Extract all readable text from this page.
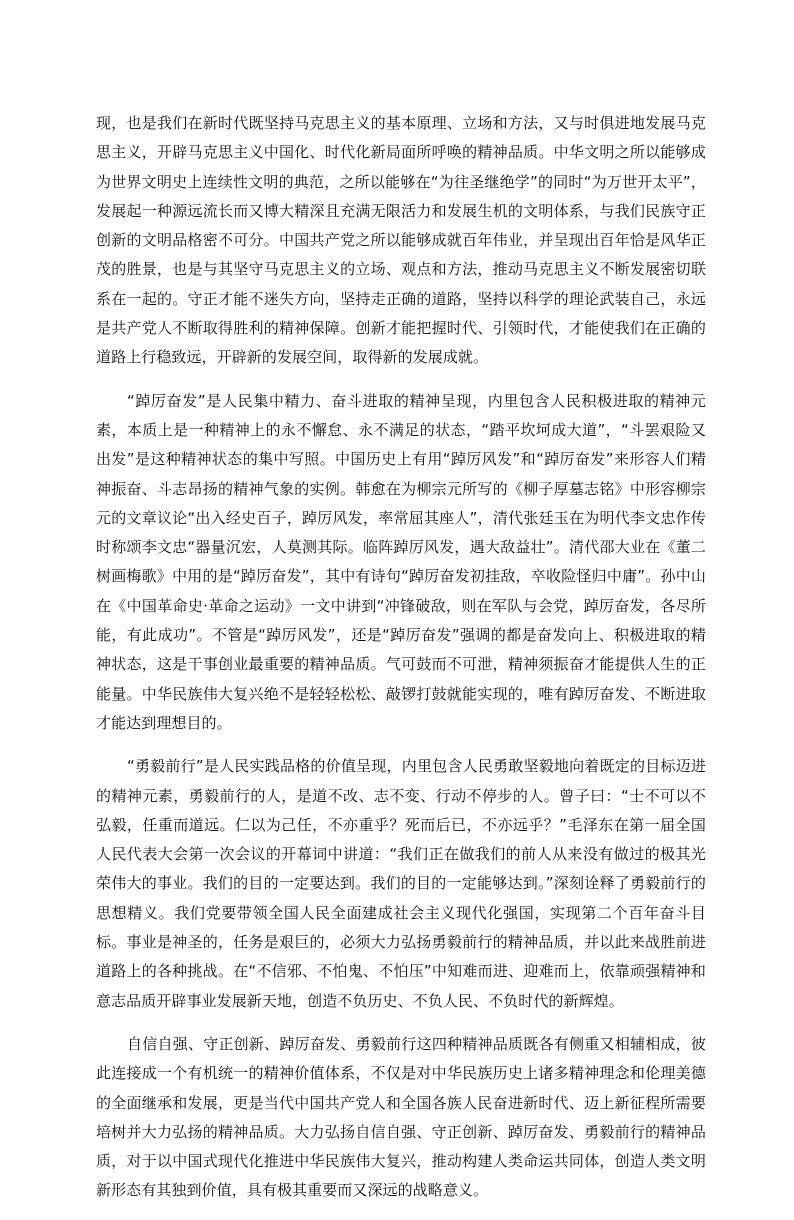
现，也是我们在新时代既坚持马克思主义的基本原理、立场和方法，又与时俱进地发展马克思主义，开辟马克思主义中国化、时代化新局面所呼唤的精神品质。中华文明之所以能够成为世界文明史上连续性文明的典范，之所以能够在“为往圣继绝学”的同时“为万世开太平”，发展起一种源远流长而又博大精深且充满无限活力和发展生机的文明体系，与我们民族守正创新的文明品格密不可分。中国共产党之所以能够成就百年伟业，并呈现出百年恰是风华正茂的胜景，也是与其坚守马克思主义的立场、观点和方法，推动马克思主义不断发展密切联系在一起的。守正才能不迷失方向，坚持走正确的道路，坚持以科学的理论武装自己，永远是共产党人不断取得胜利的精神保障。创新才能把握时代、引领时代，才能使我们在正确的道路上行稳致远，开辟新的发展空间，取得新的发展成就。

“踔厉奋发”是人民集中精力、奋斗进取的精神呈现，内里包含人民积极进取的精神元素，本质上是一种精神上的永不懈怠、永不满足的状态，“踏平坎坷成大道”，“斗罢艰险又出发”是这种精神状态的集中写照。中国历史上有用“踔厉风发”和“踔厉奋发”来形容人们精神振奋、斗志昂扬的精神气象的实例。韩愈在为柳宗元所写的《柳子厚墓志铭》中形容柳宗元的文章议论“出入经史百子，踔厉风发，率常屈其座人”，清代张廷玉在为明代李文忠作传时称颂李文忠“器量沉宏，人莫测其际。临阵踔厉风发，遇大敌益壮”。清代邵大业在《董二树画梅歌》中用的是“踔厉奋发”，其中有诗句“踔厉奋发初挂敌，卒收险怪归中庸”。孙中山在《中国革命史·革命之运动》一文中讲到“冲锋破敌，则在军队与会党，踔厉奋发，各尽所能，有此成功”。不管是“踔厉风发”，还是“踔厉奋发”强调的都是奋发向上、积极进取的精神状态，这是干事创业最重要的精神品质。气可鼓而不可泄，精神须振奋才能提供人生的正能量。中华民族伟大复兴绝不是轻轻松松、敲锣打鼓就能实现的，唯有踔厉奋发、不断进取才能达到理想目的。

“勇毅前行”是人民实践品格的价值呈现，内里包含人民勇敢坚毅地向着既定的目标迈进的精神元素，勇毅前行的人，是道不改、志不变、行动不停步的人。曾子曰：“士不可以不弘毅，任重而道远。仁以为己任，不亦重乎？死而后已，不亦远乎？”毛泽东在第一届全国人民代表大会第一次会议的开幕词中讲道：“我们正在做我们的前人从来没有做过的极其光荣伟大的事业。我们的目的一定要达到。我们的目的一定能够达到。”深刻诠释了勇毅前行的思想精义。我们党要带领全国人民全面建成社会主义现代化强国，实现第二个百年奋斗目标。事业是神圣的，任务是艰巨的，必须大力弘扬勇毅前行的精神品质，并以此来战胜前进道路上的各种挑战。在“不信邪、不怕鬼、不怕压”中知难而进、迎难而上，依靠顽强精神和意志品质开辟事业发展新天地，创造不负历史、不负人民、不负时代的新辉煌。

自信自强、守正创新、踔厉奋发、勇毅前行这四种精神品质既各有侧重又相辅相成，彼此连接成一个有机统一的精神价值体系，不仅是对中华民族历史上诸多精神理念和伦理美德的全面继承和发展，更是当代中国共产党人和全国各族人民奋进新时代、迈上新征程所需要培树并大力弘扬的精神品质。大力弘扬自信自强、守正创新、踔厉奋发、勇毅前行的精神品质，对于以中国式现代化推进中华民族伟大复兴，推动构建人类命运共同体，创造人类文明新形态有其独到价值，具有极其重要而又深远的战略意义。
